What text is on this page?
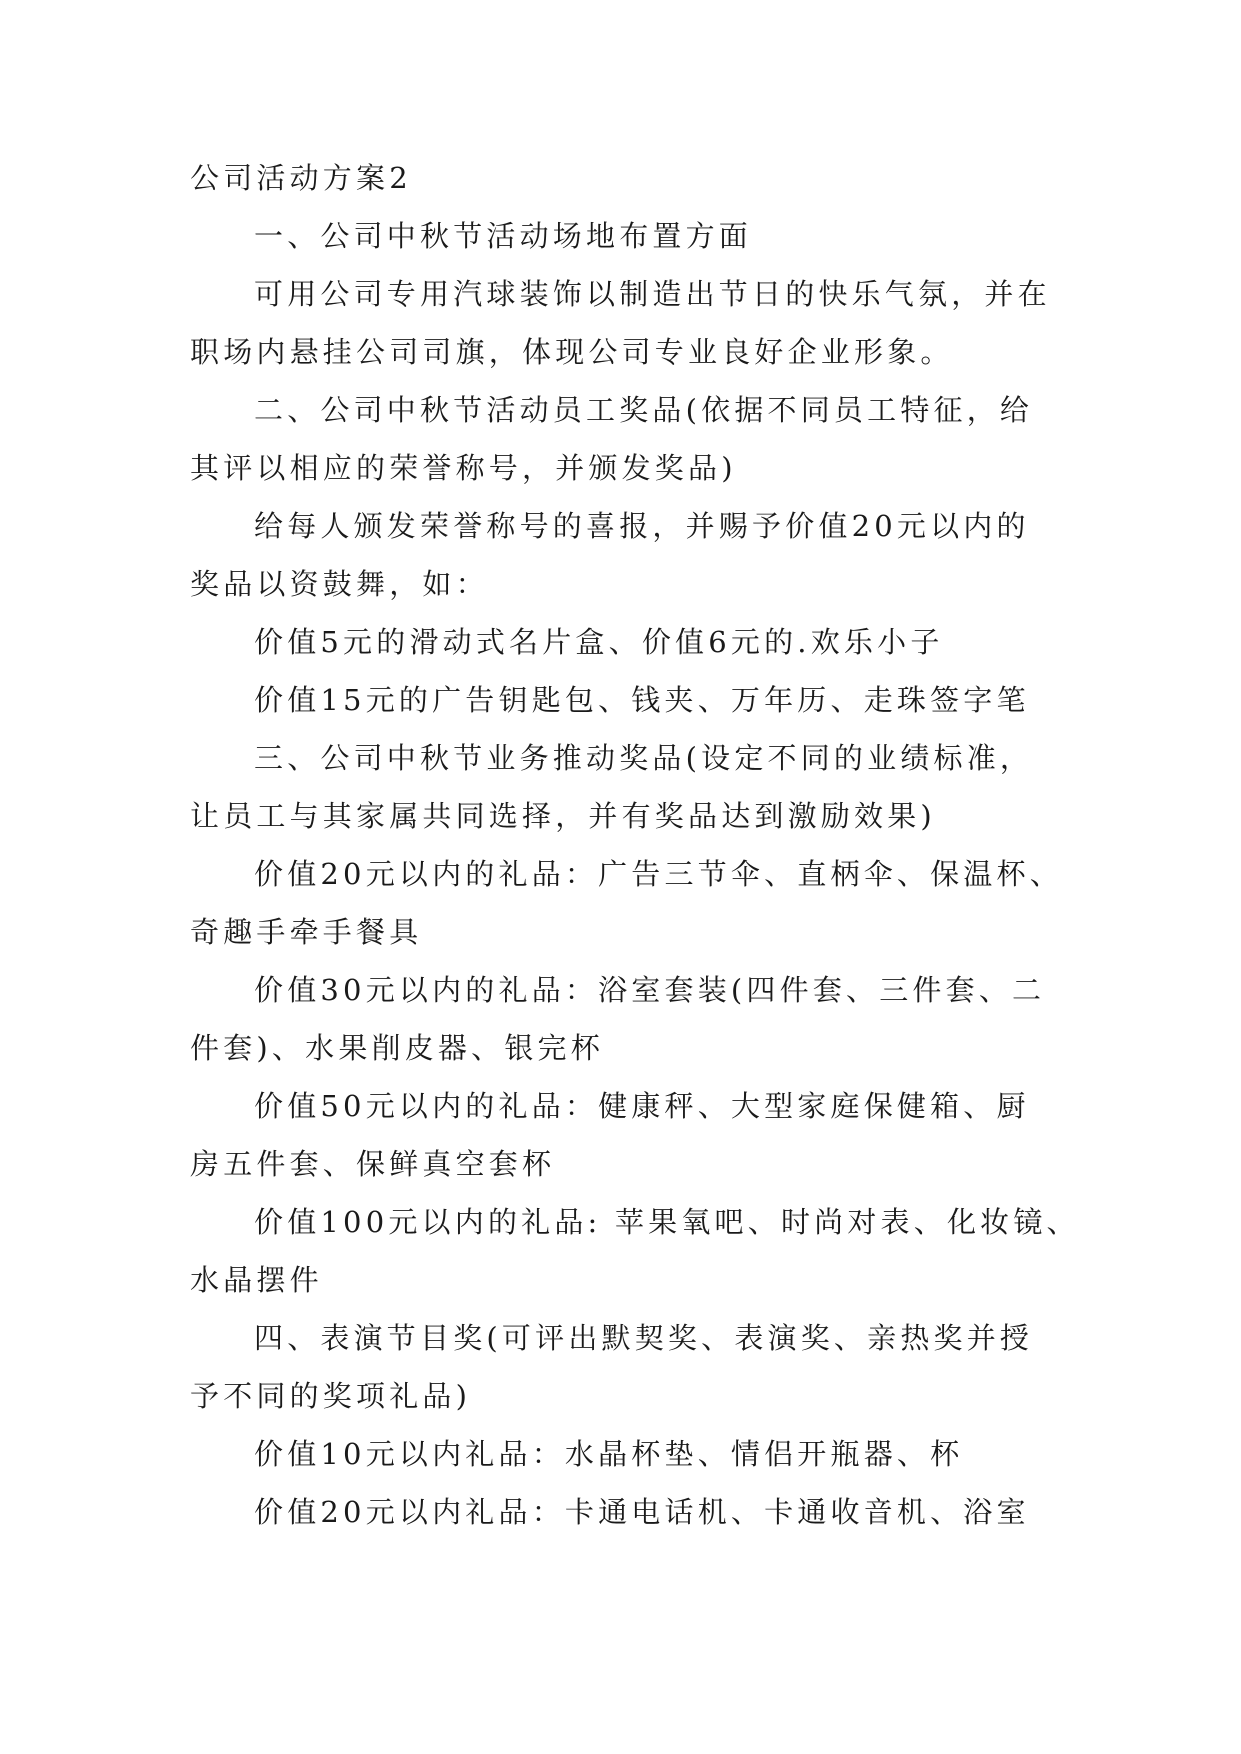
公司活动方案2
一、公司中秋节活动场地布置方面
可用公司专用汽球装饰以制造出节日的快乐气氛，并在
职场内悬挂公司司旗，体现公司专业良好企业形象。
二、公司中秋节活动员工奖品(依据不同员工特征，给
其评以相应的荣誉称号，并颁发奖品)
给每人颁发荣誉称号的喜报，并赐予价值20元以内的
奖品以资鼓舞，如：
价值5元的滑动式名片盒、价值6元的.欢乐小子
价值15元的广告钥匙包、钱夹、万年历、走珠签字笔
三、公司中秋节业务推动奖品(设定不同的业绩标准，
让员工与其家属共同选择，并有奖品达到激励效果)
价值20元以内的礼品：广告三节伞、直柄伞、保温杯、
奇趣手牵手餐具
价值30元以内的礼品：浴室套装(四件套、三件套、二
件套)、水果削皮器、银完杯
价值50元以内的礼品：健康秤、大型家庭保健箱、厨
房五件套、保鲜真空套杯
价值100元以内的礼品: 苹果氧吧、时尚对表、化妆镜、
水晶摆件
四、表演节目奖(可评出默契奖、表演奖、亲热奖并授
予不同的奖项礼品)
价值10元以内礼品：水晶杯垫、情侣开瓶器、杯
价值20元以内礼品：卡通电话机、卡通收音机、浴室
